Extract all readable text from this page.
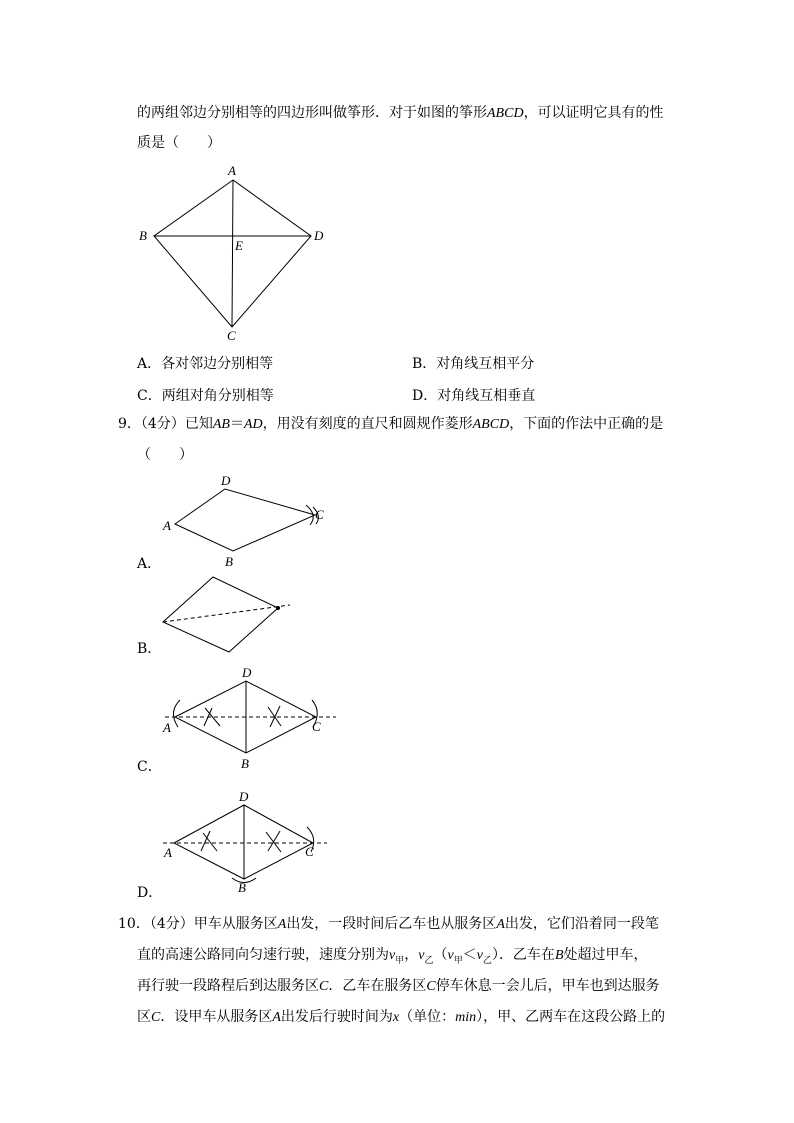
的两组邻边分别相等的四边形叫做筝形．对于如图的筝形ABCD，可以证明它具有的性
质是（　　）
A
B	D
E
C
A．各对邻边分别相等	B．对角线互相平分
C．两组对角分别相等	D．对角线互相垂直
9．（4分）已知AB＝AD，用没有刻度的直尺和圆规作菱形ABCD，下面的作法中正确的是
（　　）
D
A
C
B
D
A	C
B
D
A	C
B
A．
B．
C．
D．
10．（4分）甲车从服务区A出发，一段时间后乙车也从服务区A出发，它们沿着同一段笔
直的高速公路同向匀速行驶，速度分别为$v_甲$，$v_乙(v_甲<v_乙)$．乙车在B处超过甲车，
再行驶一段路程后到达服务区C．乙车在服务区C停车休息一会儿后，甲车也到达服务
区C．设甲车从服务区A出发后行驶时间为x（单位：min），甲、乙两车在这段公路上的
